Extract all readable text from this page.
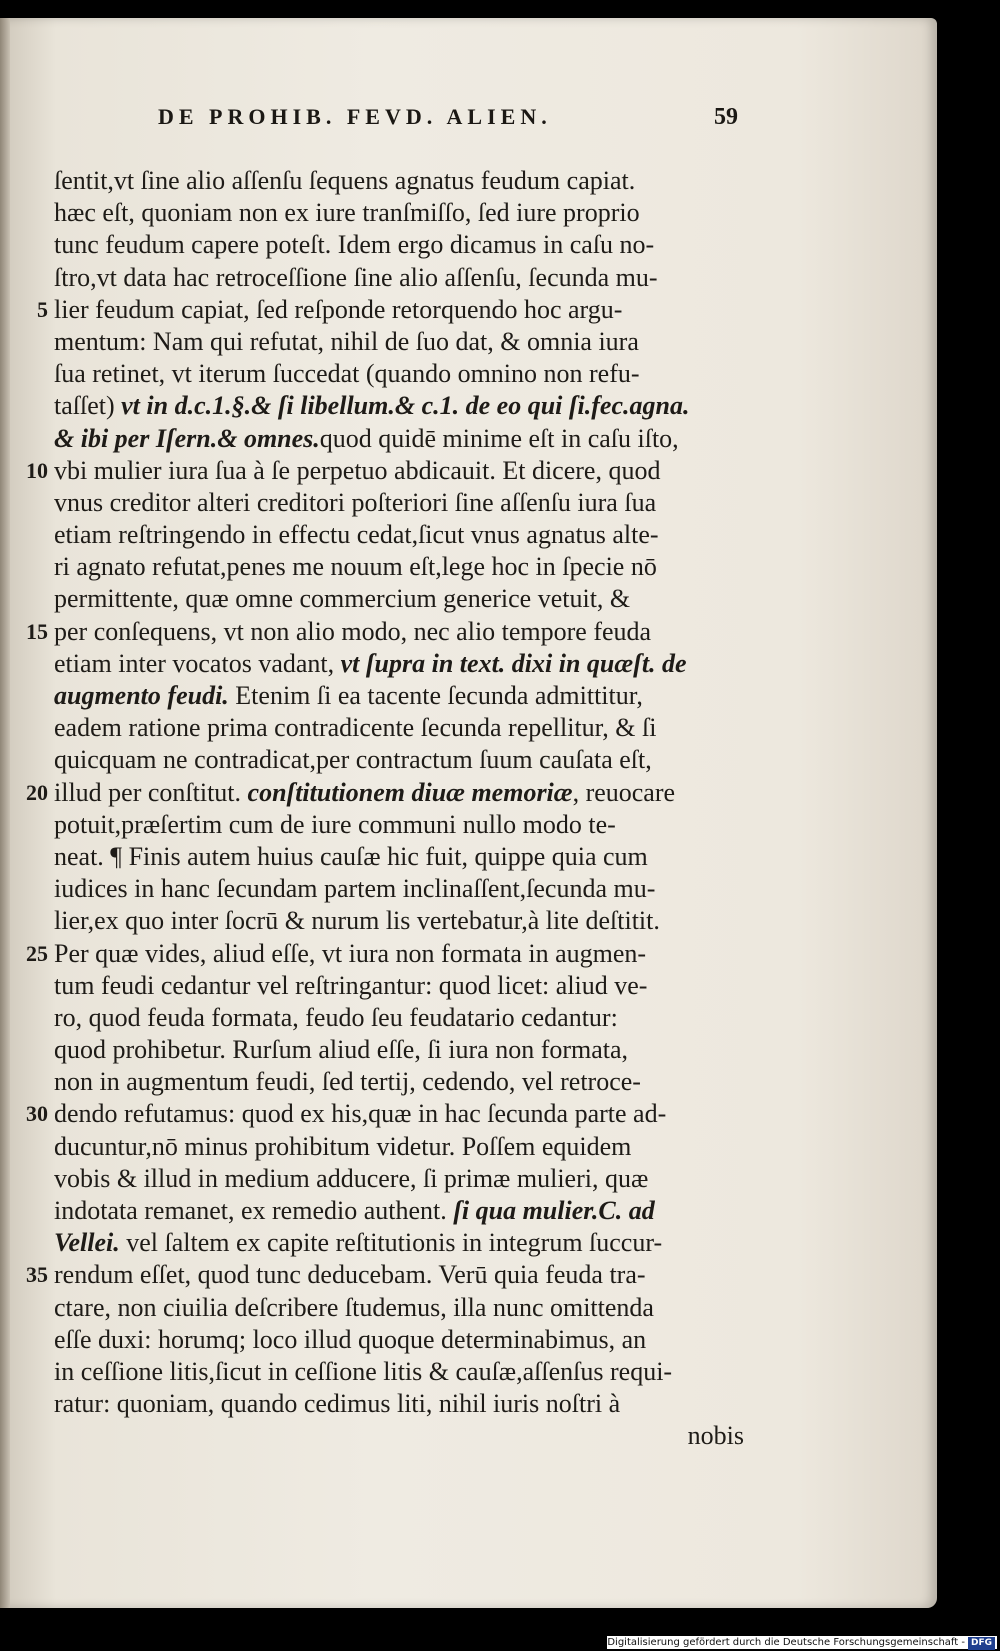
DE PROHIB. FEVD. ALIEN.	59
ſentit,vt ſine alio aſſenſu ſequens agnatus feudum capiat.
hæc eſt, quoniam non ex iure tranſmiſſo, ſed iure proprio
tunc feudum capere poteſt. Idem ergo dicamus in caſu no-
ſtro,vt data hac retroceſſione ſine alio aſſenſu, ſecunda mu-
5 lier feudum capiat, ſed reſponde retorquendo hoc argu-
mentum: Nam qui refutat, nihil de ſuo dat, & omnia iura
ſua retinet, vt iterum ſuccedat (quando omnino non refu-
taſſet) vt in d.c.1.§.& ſi libellum.& c.1. de eo qui ſi.fec.agna.
& ibi per Iſern.& omnes.quod quidē minime eſt in caſu iſto,
10 vbi mulier iura ſua à ſe perpetuo abdicauit. Et dicere, quod
vnus creditor alteri creditori poſteriori ſine aſſenſu iura ſua
etiam reſtringendo in effectu cedat,ſicut vnus agnatus alte-
ri agnato refutat,penes me nouum eſt,lege hoc in ſpecie nō
permittente, quæ omne commercium generice vetuit, &
15 per conſequens, vt non alio modo, nec alio tempore feuda
etiam inter vocatos vadant, vt ſupra in text. dixi in quæſt. de
augmento feudi. Etenim ſi ea tacente ſecunda admittitur,
eadem ratione prima contradicente ſecunda repellitur, & ſi
quicquam ne contradicat,per contractum ſuum cauſata eſt,
20 illud per conſtitut. conſtitutionem diuæ memoriæ, reuocare
potuit,præſertim cum de iure communi nullo modo te-
neat. ¶ Finis autem huius cauſæ hic fuit, quippe quia cum
iudices in hanc ſecundam partem inclinaſſent,ſecunda mu-
lier,ex quo inter ſocrū & nurum lis vertebatur,à lite deſtitit.
25 Per quæ vides, aliud eſſe, vt iura non formata in augmen-
tum feudi cedantur vel reſtringantur: quod licet: aliud ve-
ro, quod feuda formata, feudo ſeu feudatario cedantur:
quod prohibetur. Rurſum aliud eſſe, ſi iura non formata,
non in augmentum feudi, ſed tertij, cedendo, vel retroce-
30 dendo refutamus: quod ex his,quæ in hac ſecunda parte ad-
ducuntur,nō minus prohibitum videtur. Poſſem equidem
vobis & illud in medium adducere, ſi primæ mulieri, quæ
indotata remanet, ex remedio authent. ſi qua mulier.C. ad
Vellei. vel ſaltem ex capite reſtitutionis in integrum ſuccur-
35 rendum eſſet, quod tunc deducebam. Verū quia feuda tra-
ctare, non ciuilia deſcribere ſtudemus, illa nunc omittenda
eſſe duxi: horumq; loco illud quoque determinabimus, an
in ceſſione litis,ſicut in ceſſione litis & cauſæ,aſſenſus requi-
ratur: quoniam, quando cedimus liti, nihil iuris noſtri à
nobis
Digitalisierung gefördert durch die Deutsche Forschungsgemeinschaft - DFG
